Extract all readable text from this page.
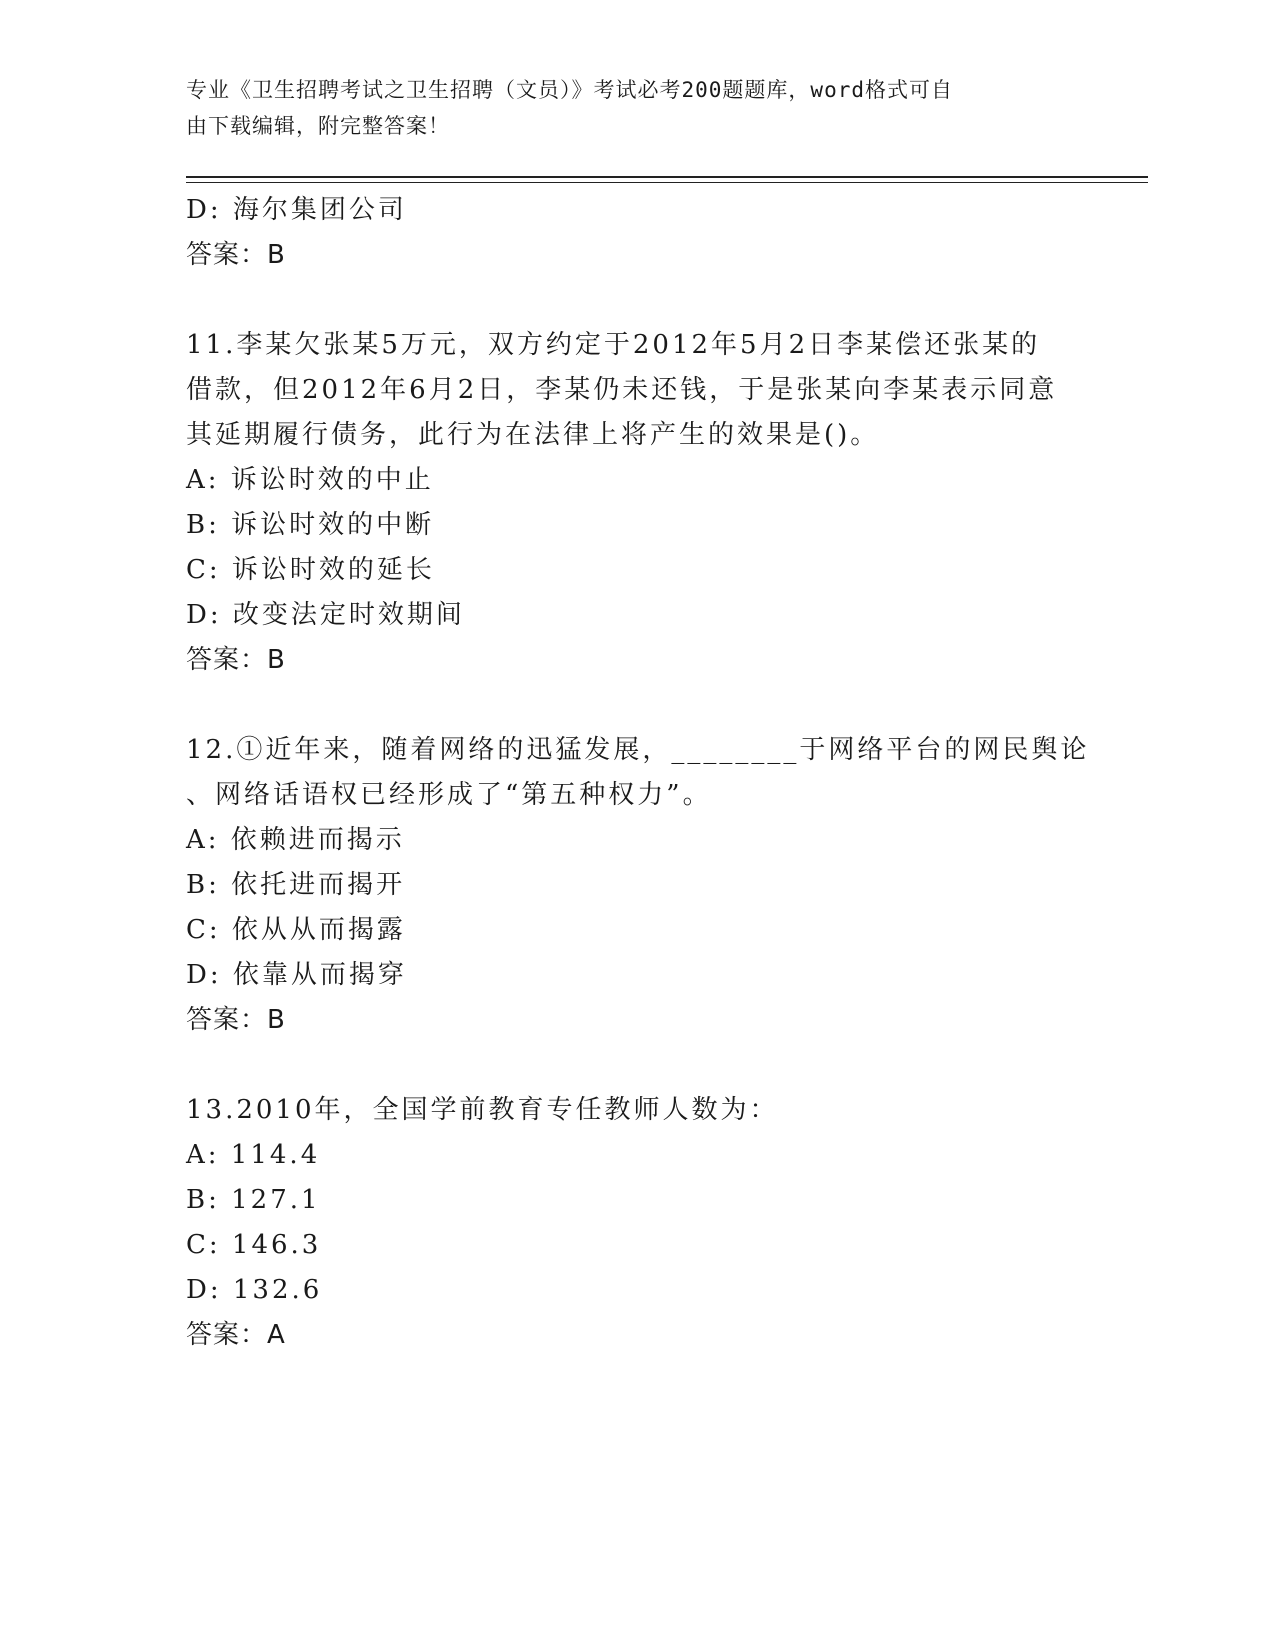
专业《卫生招聘考试之卫生招聘（文员）》考试必考200题题库，word格式可自
由下载编辑，附完整答案！
D: 海尔集团公司
答案：B
11.李某欠张某5万元，双方约定于2012年5月2日李某偿还张某的
借款，但2012年6月2日，李某仍未还钱，于是张某向李某表示同意
其延期履行债务，此行为在法律上将产生的效果是()。
A: 诉讼时效的中止
B: 诉讼时效的中断
C: 诉讼时效的延长
D: 改变法定时效期间
答案：B
12.①近年来，随着网络的迅猛发展，________于网络平台的网民舆论
、网络话语权已经形成了“第五种权力”。
A: 依赖进而揭示
B: 依托进而揭开
C: 依从从而揭露
D: 依靠从而揭穿
答案：B
13.2010年，全国学前教育专任教师人数为：
A: 114.4
B: 127.1
C: 146.3
D: 132.6
答案：A
